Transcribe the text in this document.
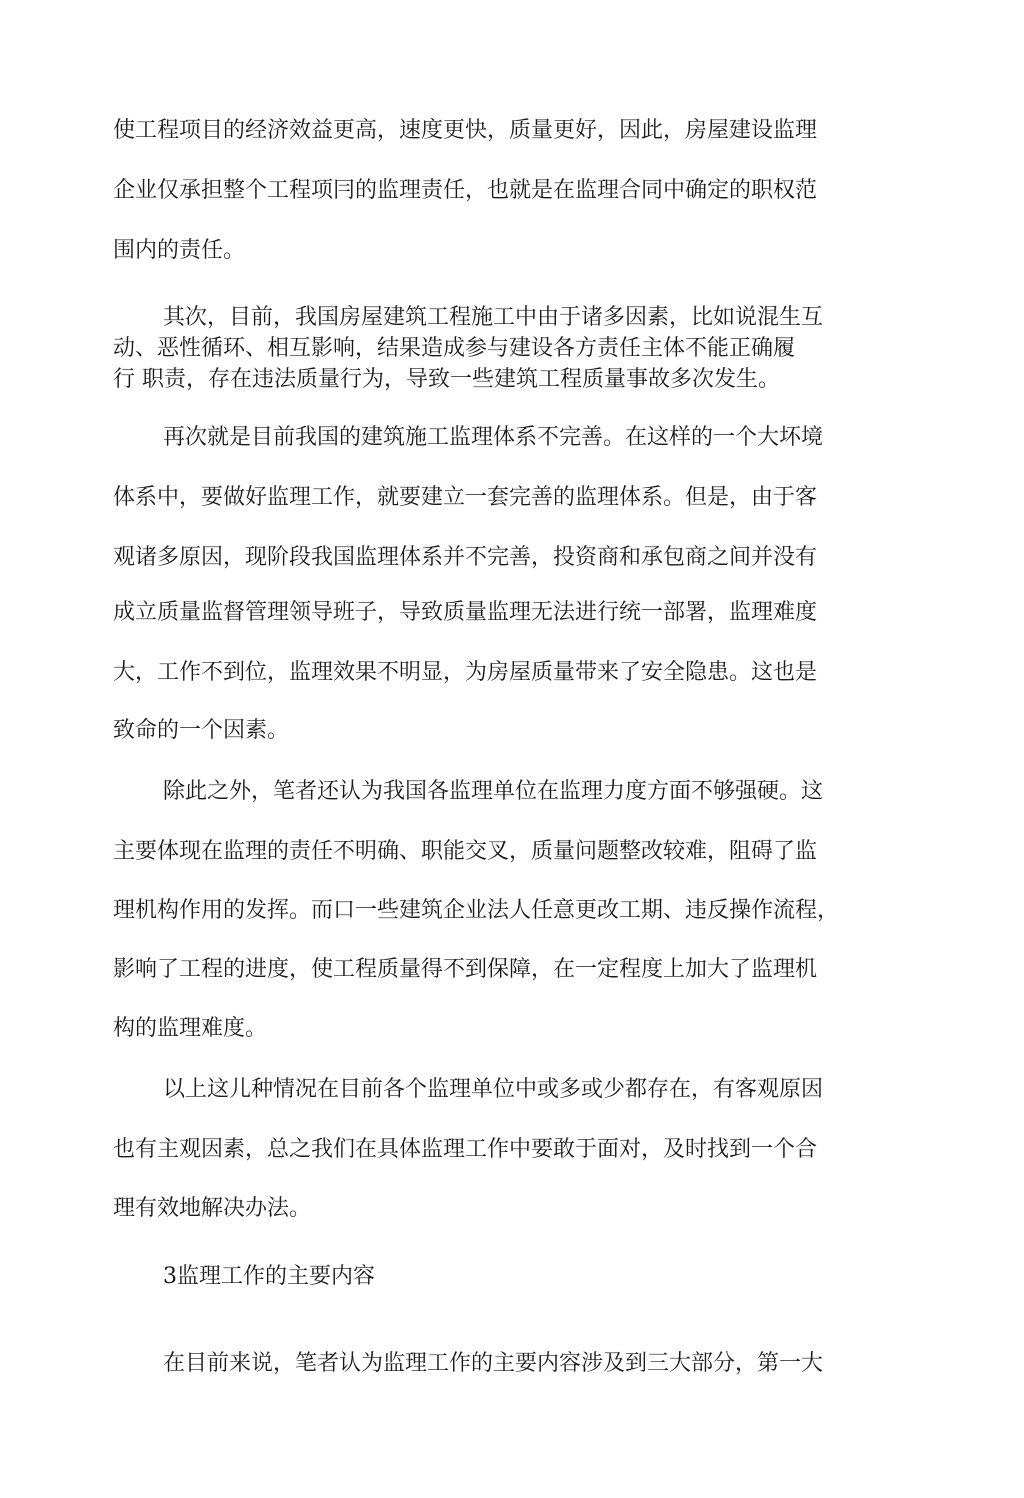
使工程项目的经济效益更高，速度更快，质量更好，因此，房屋建设监理
企业仅承担整个工程项冃的监理责任，也就是在监理合同中确定的职权范
围内的责任。
其次，目前，我国房屋建筑工程施工中由于诸多因素，比如说混生互
动、恶性循环、相互影响，结果造成参与建设各方责任主体不能正确履
行 职责，存在违法质量行为，导致一些建筑工程质量事故多次发生。
再次就是目前我国的建筑施工监理体系不完善。在这样的一个大坏境
体系中，要做好监理工作，就要建立一套完善的监理体系。但是，由于客
观诸多原因，现阶段我国监理体系并不完善，投资商和承包商之间并没有
成立质量监督管理领导班子，导致质量监理无法进行统一部署，监理难度
大，工作不到位，监理效果不明显，为房屋质量带来了安全隐患。这也是
致命的一个因素。
除此之外，笔者还认为我国各监理单位在监理力度方面不够强硬。这
主要体现在监理的责任不明确、职能交叉，质量问题整改较难，阻碍了监
理机构作用的发挥。而口一些建筑企业法人任意更改工期、违反操作流程，
影响了工程的进度，使工程质量得不到保障，在一定程度上加大了监理机
构的监理难度。
以上这儿种情况在目前各个监理单位中或多或少都存在，有客观原因
也有主观因素，总之我们在具体监理工作中要敢于面对，及时找到一个合
理有效地解决办法。
3监理工作的主要内容
在目前来说，笔者认为监理工作的主要内容涉及到三大部分，第一大
